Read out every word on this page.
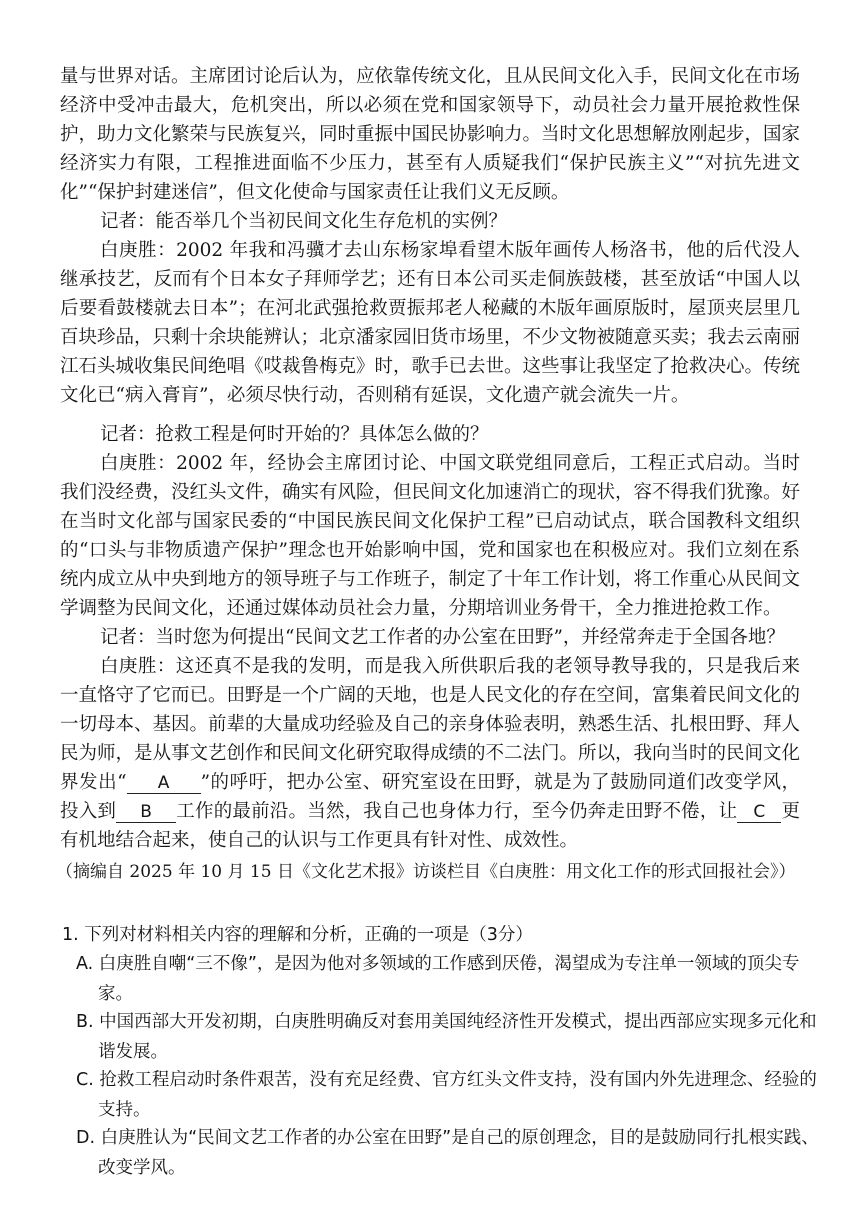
量与世界对话。主席团讨论后认为，应依靠传统文化，且从民间文化入手，民间文化在市场经济中受冲击最大，危机突出，所以必须在党和国家领导下，动员社会力量开展抢救性保护，助力文化繁荣与民族复兴，同时重振中国民协影响力。当时文化思想解放刚起步，国家经济实力有限，工程推进面临不少压力，甚至有人质疑我们“保护民族主义”“对抗先进文化”“保护封建迷信”，但文化使命与国家责任让我们义无反顾。

记者：能否举几个当初民间文化生存危机的实例？

白庚胜：2002 年我和冯骥才去山东杨家埠看望木版年画传人杨洛书，他的后代没人继承技艺，反而有个日本女子拜师学艺；还有日本公司买走侗族鼓楼，甚至放话“中国人以后要看鼓楼就去日本”；在河北武强抢救贾振邦老人秘藏的木版年画原版时，屋顶夹层里几百块珍品，只剩十余块能辨认；北京潘家园旧货市场里，不少文物被随意买卖；我去云南丽江石头城收集民间绝唱《哎裁鲁梅克》时，歌手已去世。这些事让我坚定了抢救决心。传统文化已“病入膏肓”，必须尽快行动，否则稍有延误，文化遗产就会流失一片。

记者：抢救工程是何时开始的？具体怎么做的？

白庚胜：2002 年，经协会主席团讨论、中国文联党组同意后，工程正式启动。当时我们没经费，没红头文件，确实有风险，但民间文化加速消亡的现状，容不得我们犹豫。好在当时文化部与国家民委的“中国民族民间文化保护工程”已启动试点，联合国教科文组织的“口头与非物质遗产保护”理念也开始影响中国，党和国家也在积极应对。我们立刻在系统内成立从中央到地方的领导班子与工作班子，制定了十年工作计划，将工作重心从民间文学调整为民间文化，还通过媒体动员社会力量，分期培训业务骨干，全力推进抢救工作。

记者：当时您为何提出“民间文艺工作者的办公室在田野”，并经常奔走于全国各地？

白庚胜：这还真不是我的发明，而是我入所供职后我的老领导教导我的，只是我后来一直恪守了它而已。田野是一个广阔的天地，也是人民文化的存在空间，富集着民间文化的一切母本、基因。前辈的大量成功经验及自己的亲身体验表明，熟悉生活、扎根田野、拜人民为师，是从事文艺创作和民间文化研究取得成绩的不二法门。所以，我向当时的民间文化界发出“ A ”的呼吁，把办公室、研究室设在田野，就是为了鼓励同道们改变学风，投入到 B 工作的最前沿。当然，我自己也身体力行，至今仍奔走田野不倦，让 C 更有机地结合起来，使自己的认识与工作更具有针对性、成效性。

（摘编自 2025 年 10 月 15 日《文化艺术报》访谈栏目《白庚胜：用文化工作的形式回报社会》）

1. 下列对材料相关内容的理解和分析，正确的一项是（3分）

A. 白庚胜自嘲“三不像”，是因为他对多领域的工作感到厌倦，渴望成为专注单一领域的顶尖专家。

B. 中国西部大开发初期，白庚胜明确反对套用美国纯经济性开发模式，提出西部应实现多元化和谐发展。

C. 抢救工程启动时条件艰苦，没有充足经费、官方红头文件支持，没有国内外先进理念、经验的支持。

D. 白庚胜认为“民间文艺工作者的办公室在田野”是自己的原创理念，目的是鼓励同行扎根实践、改变学风。
